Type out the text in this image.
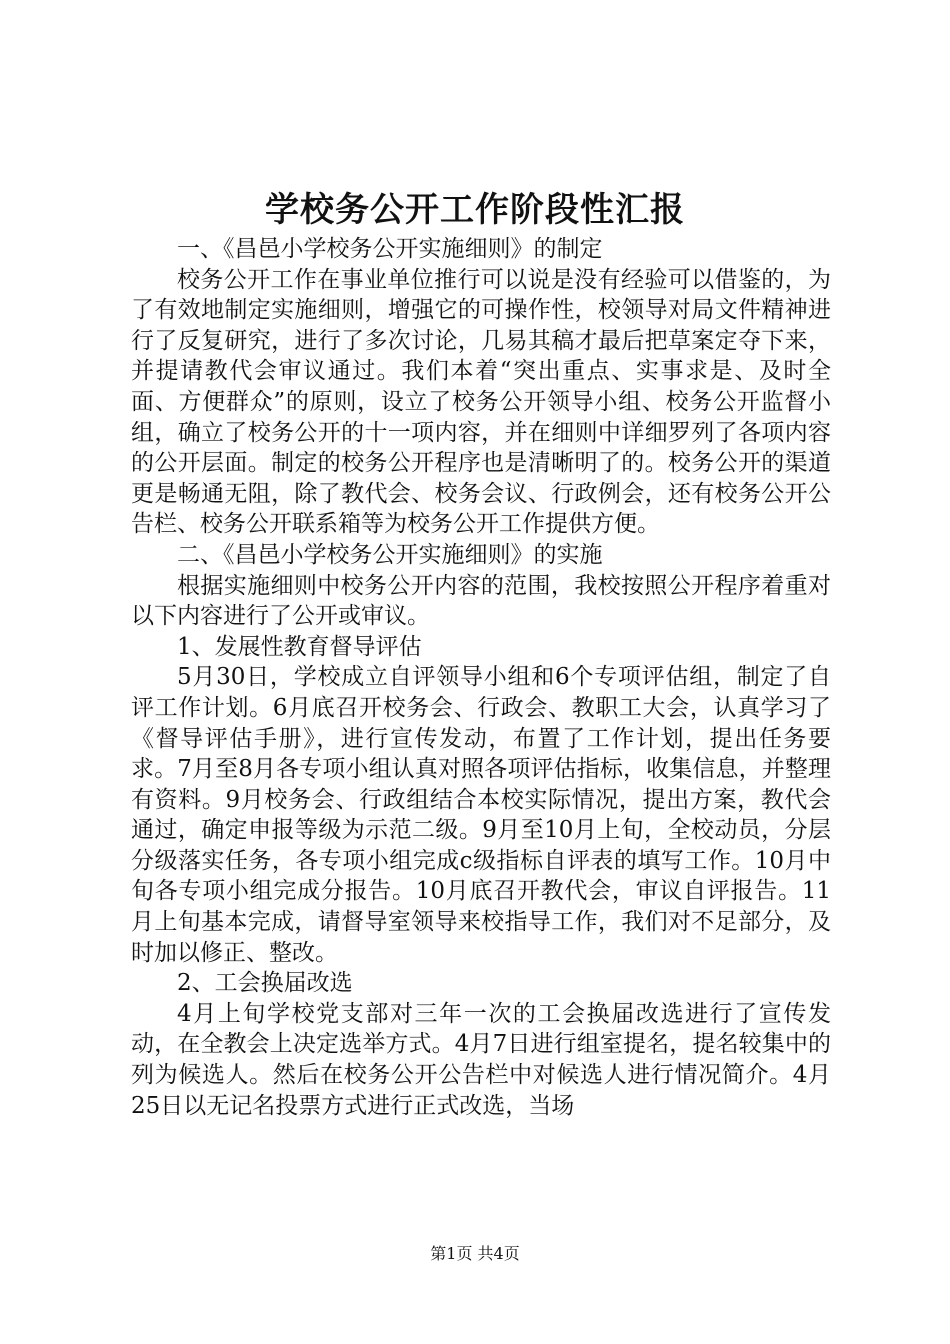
学校务公开工作阶段性汇报

一、《昌邑小学校务公开实施细则》的制定

校务公开工作在事业单位推行可以说是没有经验可以借鉴的，为了有效地制定实施细则，增强它的可操作性，校领导对局文件精神进行了反复研究，进行了多次讨论，几易其稿才最后把草案定夺下来，并提请教代会审议通过。我们本着“突出重点、实事求是、及时全面、方便群众”的原则，设立了校务公开领导小组、校务公开监督小组，确立了校务公开的十一项内容，并在细则中详细罗列了各项内容的公开层面。制定的校务公开程序也是清晰明了的。校务公开的渠道更是畅通无阻，除了教代会、校务会议、行政例会，还有校务公开公告栏、校务公开联系箱等为校务公开工作提供方便。

二、《昌邑小学校务公开实施细则》的实施

根据实施细则中校务公开内容的范围，我校按照公开程序着重对以下内容进行了公开或审议。

1、发展性教育督导评估

5月30日，学校成立自评领导小组和6个专项评估组，制定了自评工作计划。6月底召开校务会、行政会、教职工大会，认真学习了《督导评估手册》，进行宣传发动，布置了工作计划，提出任务要求。7月至8月各专项小组认真对照各项评估指标，收集信息，并整理有资料。9月校务会、行政组结合本校实际情况，提出方案，教代会通过，确定申报等级为示范二级。9月至10月上旬，全校动员，分层分级落实任务，各专项小组完成c级指标自评表的填写工作。10月中旬各专项小组完成分报告。10月底召开教代会，审议自评报告。11月上旬基本完成，请督导室领导来校指导工作，我们对不足部分，及时加以修正、整改。

2、工会换届改选

4月上旬学校党支部对三年一次的工会换届改选进行了宣传发动，在全教会上决定选举方式。4月7日进行组室提名，提名较集中的列为候选人。然后在校务公开公告栏中对候选人进行情况简介。4月25日以无记名投票方式进行正式改选，当场

第1页 共4页
